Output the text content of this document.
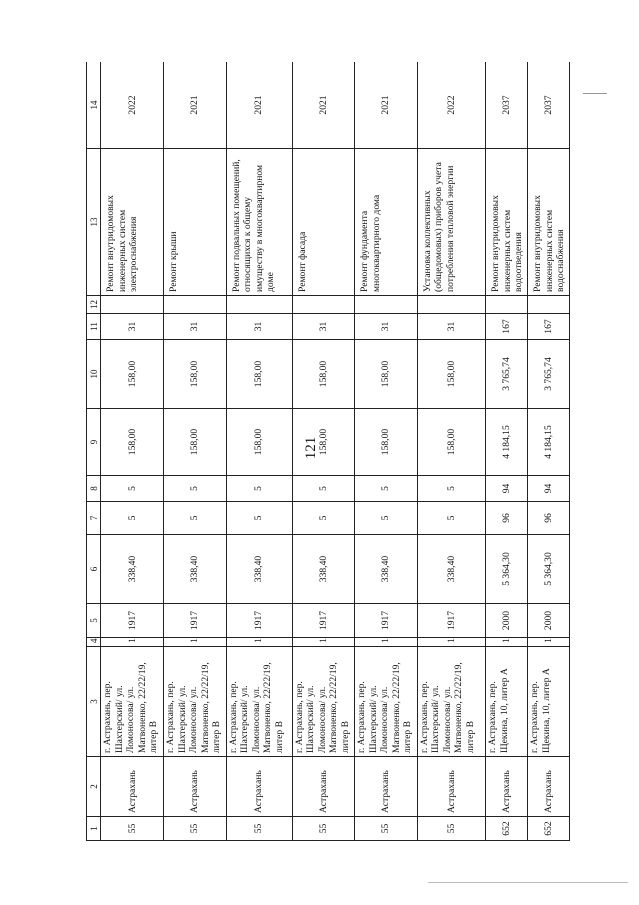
121
1	2	3	4	5	6	7	8	9	10	11	12	13	14
55	Астрахань	г. Астрахань, пер. Шахтерский/ ул. Ломоносова/ ул. Матвоненко, 22/22/19, литер В	1	1917	338,40	5	5	158,00	158,00	31		Ремонт внутридомовых инженерных систем электроснабжения	2022
55	Астрахань	г. Астрахань, пер. Шахтерский/ ул. Ломоносова/ ул. Матвоненко, 22/22/19, литер В	1	1917	338,40	5	5	158,00	158,00	31		Ремонт крыши	2021
55	Астрахань	г. Астрахань, пер. Шахтерский/ ул. Ломоносова/ ул. Матвоненко, 22/22/19, литер В	1	1917	338,40	5	5	158,00	158,00	31		Ремонт подвальных помещений, относящихся к общему имуществу в многоквартирном доме	2021
55	Астрахань	г. Астрахань, пер. Шахтерский/ ул. Ломоносова/ ул. Матвоненко, 22/22/19, литер В	1	1917	338,40	5	5	158,00	158,00	31		Ремонт фасада	2021
55	Астрахань	г. Астрахань, пер. Шахтерский/ ул. Ломоносова/ ул. Матвоненко, 22/22/19, литер В	1	1917	338,40	5	5	158,00	158,00	31		Ремонт фундамента многоквартирного дома	2021
55	Астрахань	г. Астрахань, пер. Шахтерский/ ул. Ломоносова/ ул. Матвоненко, 22/22/19, литер В	1	1917	338,40	5	5	158,00	158,00	31		Установка коллективных (общедомовых) приборов учета потребления тепловой энергии	2022
652	Астрахань	г. Астрахань, пер. Щекина, 10, литер А	1	2000	5 364,30	96	94	4 184,15	3 765,74	167		Ремонт внутридомовых инженерных систем водоотведения	2037
652	Астрахань	г. Астрахань, пер. Щекина, 10, литер А	1	2000	5 364,30	96	94	4 184,15	3 765,74	167		Ремонт внутридомовых инженерных систем водоснабжения	2037
